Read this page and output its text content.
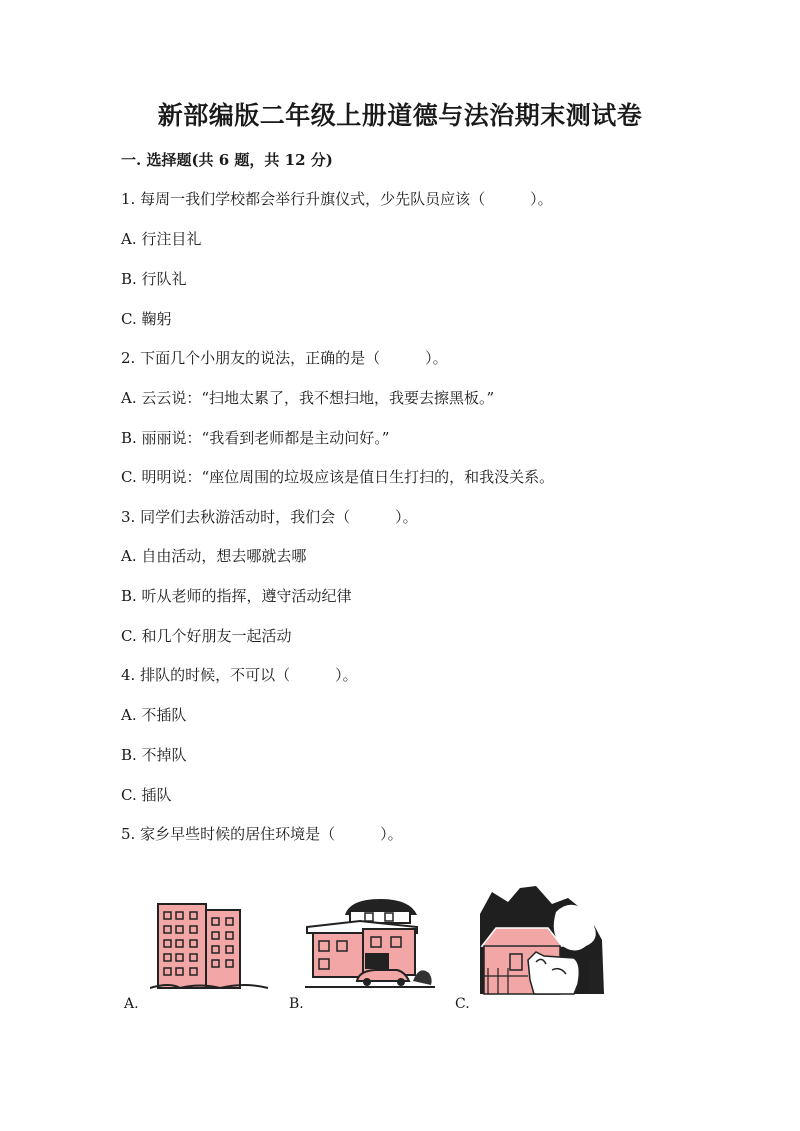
新部编版二年级上册道德与法治期末测试卷
一. 选择题(共 6 题，共 12 分)
1. 每周一我们学校都会举行升旗仪式，少先队员应该（　　　）。
A. 行注目礼
B. 行队礼
C. 鞠躬
2. 下面几个小朋友的说法，正确的是（　　　）。
A. 云云说：“扫地太累了，我不想扫地，我要去擦黑板。”
B. 丽丽说：“我看到老师都是主动问好。”
C. 明明说：“座位周围的垃圾应该是值日生打扫的，和我没关系。
3. 同学们去秋游活动时，我们会（　　　）。
A. 自由活动，想去哪就去哪
B. 听从老师的指挥，遵守活动纪律
C. 和几个好朋友一起活动
4. 排队的时候，不可以（　　　）。
A. 不插队
B. 不掉队
C. 插队
5. 家乡早些时候的居住环境是（　　　）。
A.	B.	C.
